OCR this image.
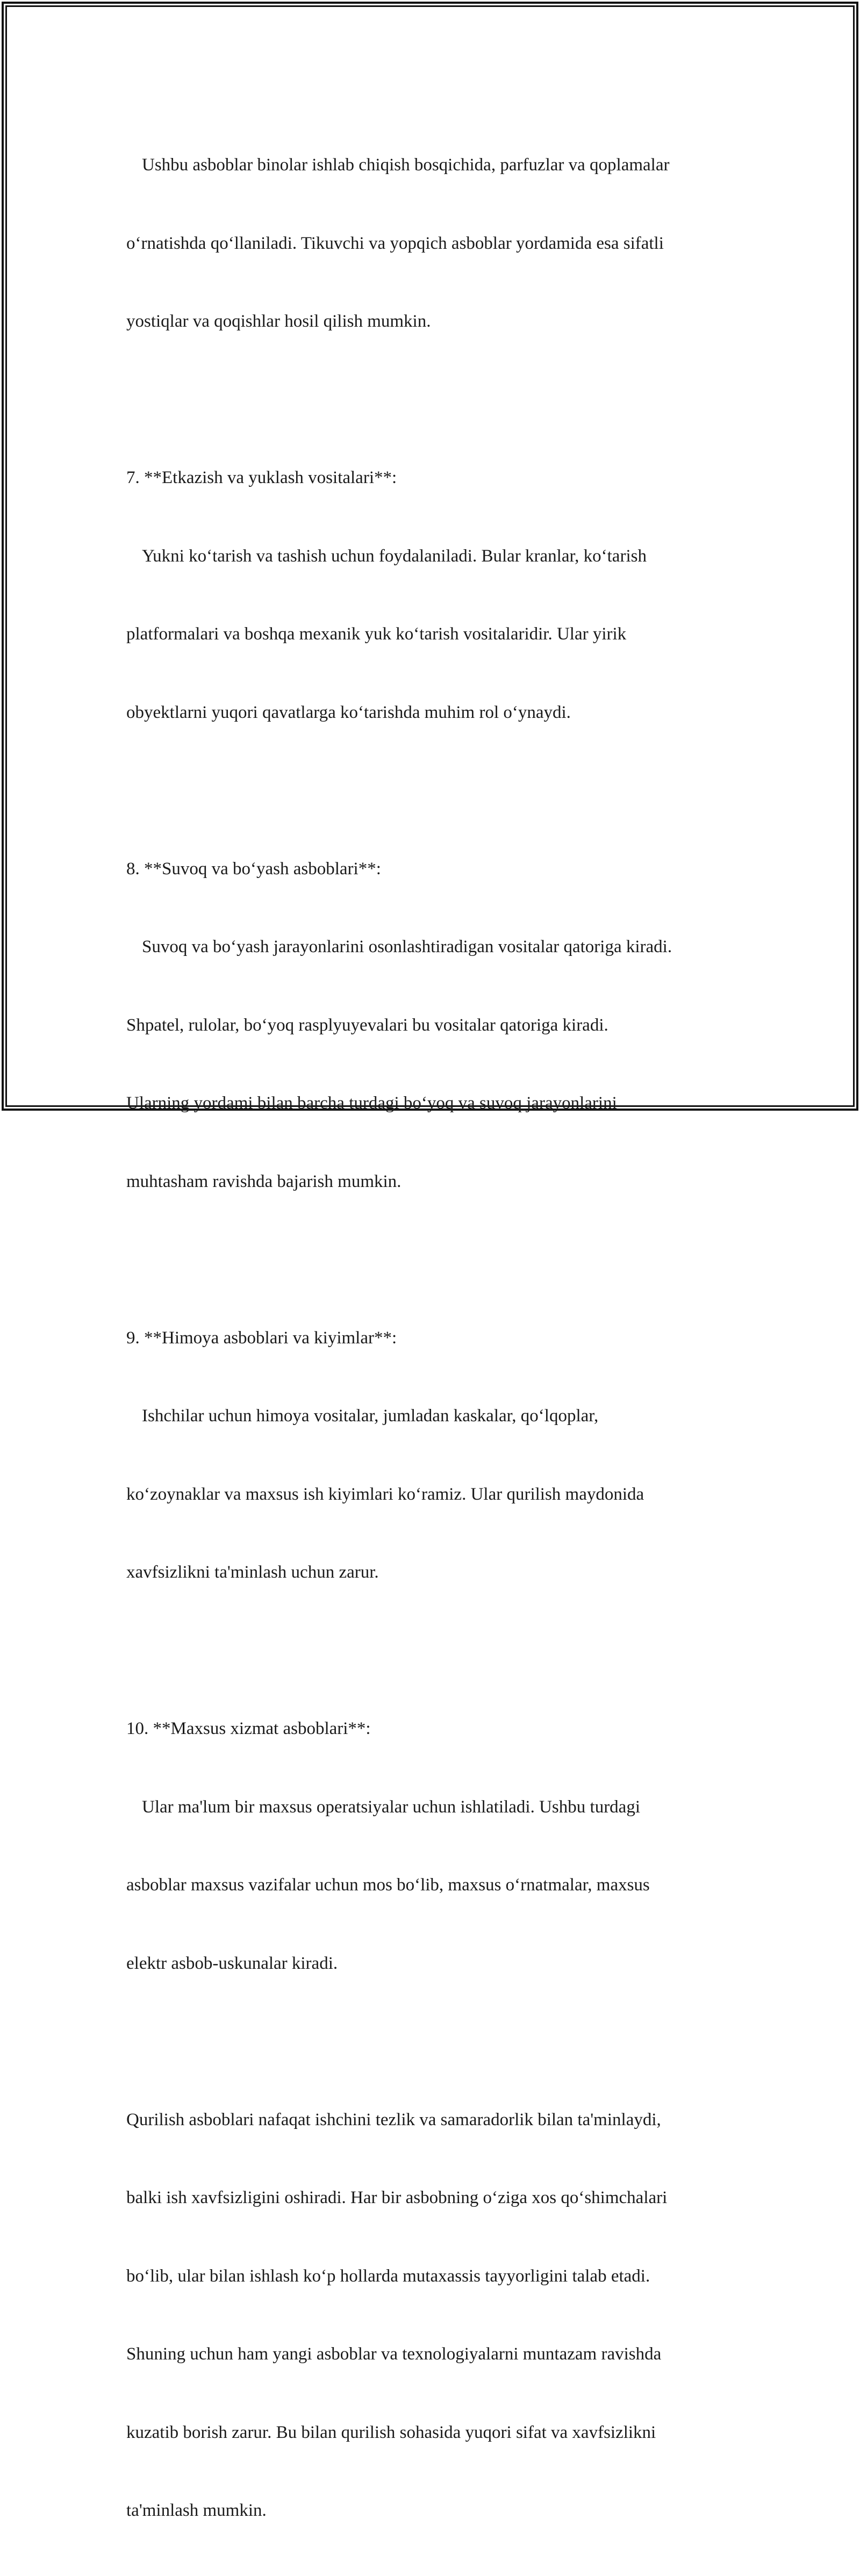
Ushbu asboblar binolar ishlab chiqish bosqichida, parfuzlar va qoplamalar

o‘rnatishda qo‘llaniladi. Tikuvchi va yopqich asboblar yordamida esa sifatli

yostiqlar va qoqishlar hosil qilish mumkin.

7. **Etkazish va yuklash vositalari**:

Yukni ko‘tarish va tashish uchun foydalaniladi. Bular kranlar, ko‘tarish

platformalari va boshqa mexanik yuk ko‘tarish vositalaridir. Ular yirik

obyektlarni yuqori qavatlarga ko‘tarishda muhim rol o‘ynaydi.

8. **Suvoq va bo‘yash asboblari**:

Suvoq va bo‘yash jarayonlarini osonlashtiradigan vositalar qatoriga kiradi.

Shpatel, rulolar, bo‘yoq rasplyuyevalari bu vositalar qatoriga kiradi.

Ularning yordami bilan barcha turdagi bo‘yoq va suvoq jarayonlarini

muhtasham ravishda bajarish mumkin.

9. **Himoya asboblari va kiyimlar**:

Ishchilar uchun himoya vositalar, jumladan kaskalar, qo‘lqoplar,

ko‘zoynaklar va maxsus ish kiyimlari ko‘ramiz. Ular qurilish maydonida

xavfsizlikni ta'minlash uchun zarur.

10. **Maxsus xizmat asboblari**:

Ular ma'lum bir maxsus operatsiyalar uchun ishlatiladi. Ushbu turdagi

asboblar maxsus vazifalar uchun mos bo‘lib, maxsus o‘rnatmalar, maxsus

elektr asbob-uskunalar kiradi.

Qurilish asboblari nafaqat ishchini tezlik va samaradorlik bilan ta'minlaydi,

balki ish xavfsizligini oshiradi. Har bir asbobning o‘ziga xos qo‘shimchalari

bo‘lib, ular bilan ishlash ko‘p hollarda mutaxassis tayyorligini talab etadi.

Shuning uchun ham yangi asboblar va texnologiyalarni muntazam ravishda

kuzatib borish zarur. Bu bilan qurilish sohasida yuqori sifat va xavfsizlikni

ta'minlash mumkin.
